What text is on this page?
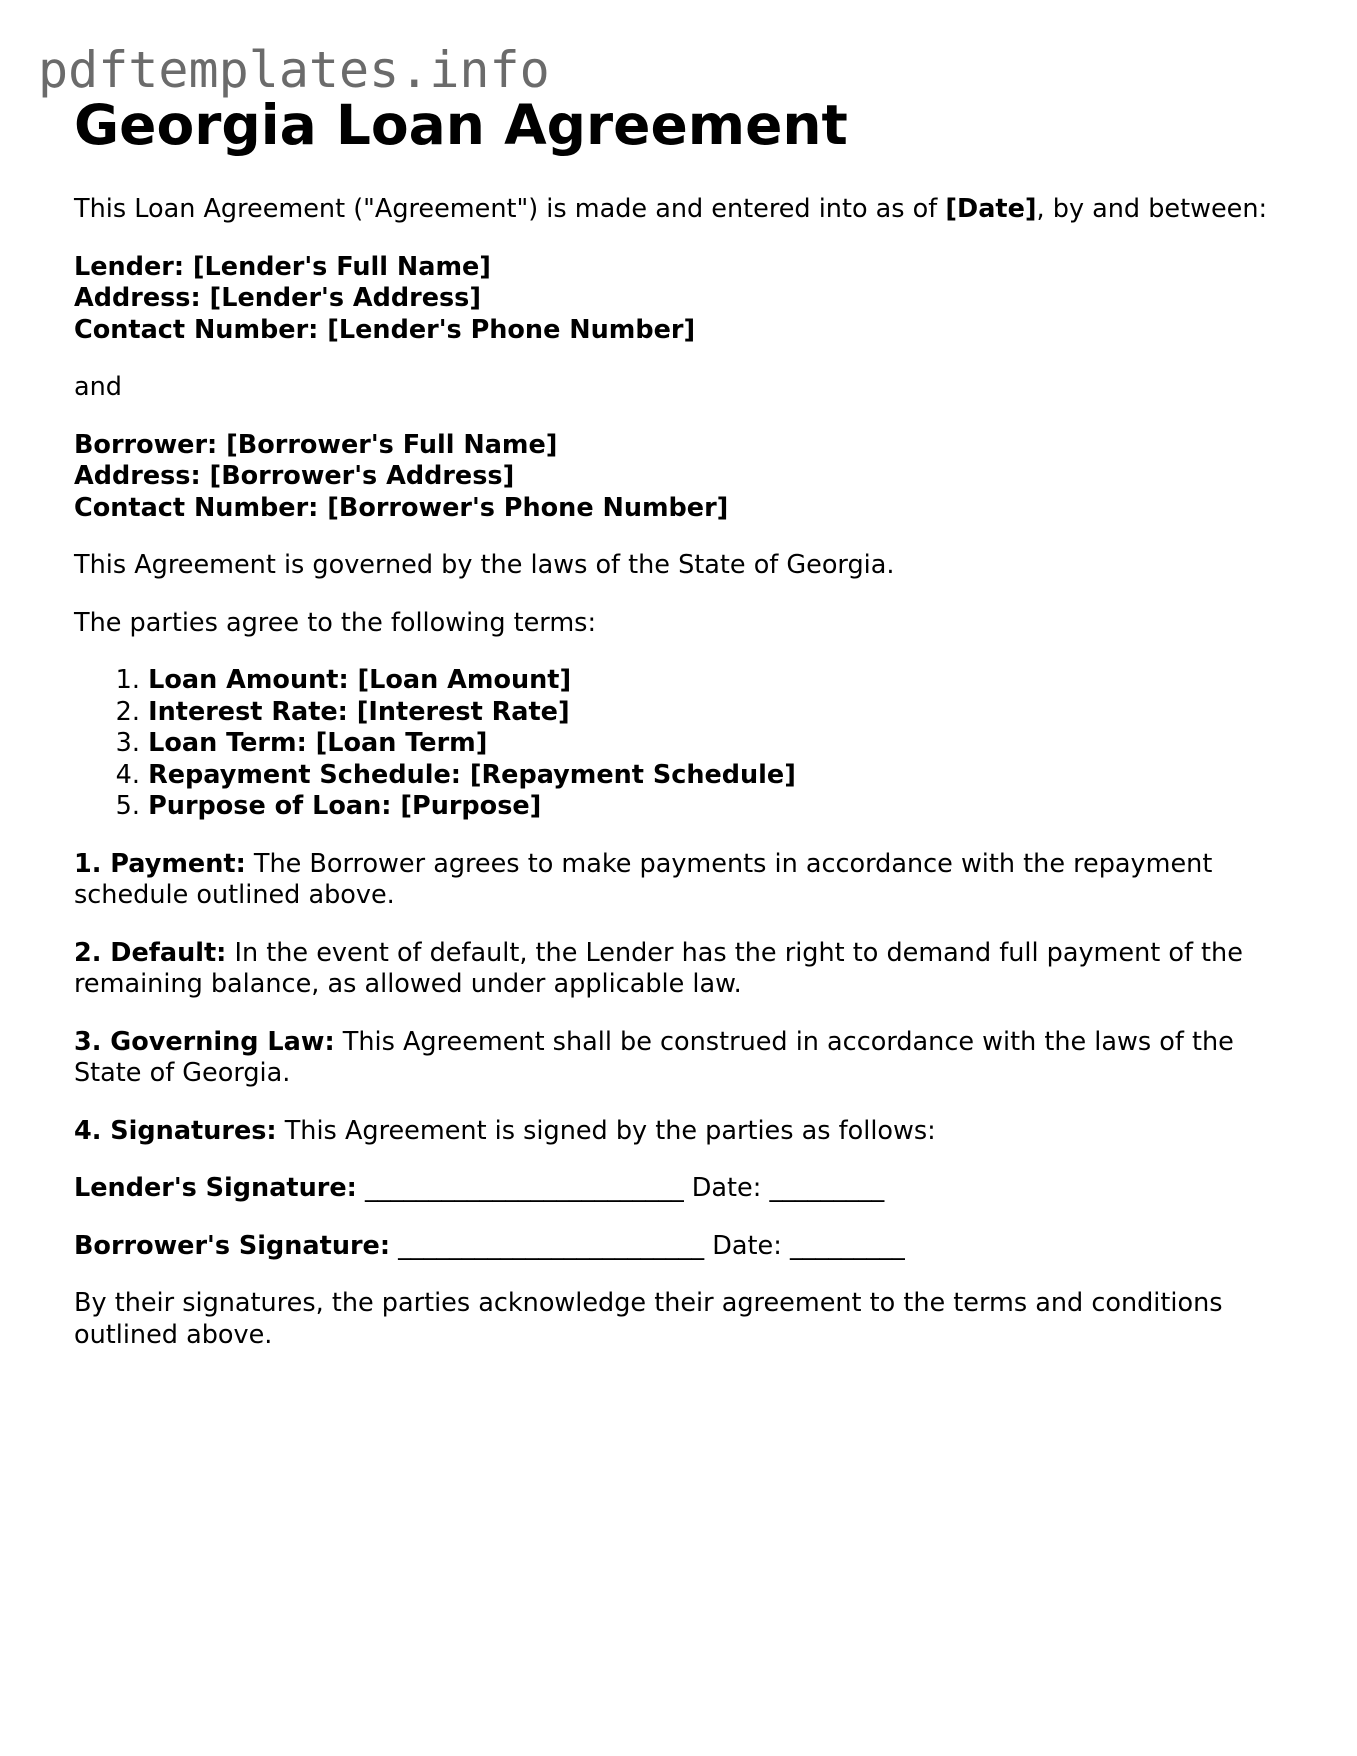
pdftemplates.info
Georgia Loan Agreement

This Loan Agreement ("Agreement") is made and entered into as of [Date], by and between:

Lender: [Lender's Full Name]
Address: [Lender's Address]
Contact Number: [Lender's Phone Number]

and

Borrower: [Borrower's Full Name]
Address: [Borrower's Address]
Contact Number: [Borrower's Phone Number]

This Agreement is governed by the laws of the State of Georgia.

The parties agree to the following terms:

1. Loan Amount: [Loan Amount]
2. Interest Rate: [Interest Rate]
3. Loan Term: [Loan Term]
4. Repayment Schedule: [Repayment Schedule]
5. Purpose of Loan: [Purpose]

1. Payment: The Borrower agrees to make payments in accordance with the repayment schedule outlined above.

2. Default: In the event of default, the Lender has the right to demand full payment of the remaining balance, as allowed under applicable law.

3. Governing Law: This Agreement shall be construed in accordance with the laws of the State of Georgia.

4. Signatures: This Agreement is signed by the parties as follows:

Lender's Signature: _________________________ Date: _________

Borrower's Signature: ________________________ Date: _________

By their signatures, the parties acknowledge their agreement to the terms and conditions outlined above.
